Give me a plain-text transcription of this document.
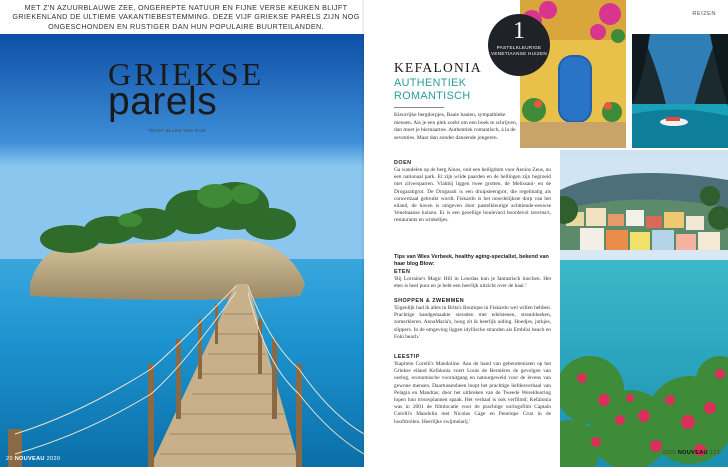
MET Z'N AZUURBLAUWE ZEE, ONGEREPTE NATUUR EN FIJNE VERSE KEUKEN BLIJFT GRIEKENLAND DE ULTIEME VAKANTIEBESTEMMING. DEZE VIJF GRIEKSE PARELS ZIJN NOG ONGESCHONDEN EN RUSTIGER DAN HUN POPULAIRE BUURTEILANDEN.

GRIEKSE
parels
TEKST ELLEN VAN DIJK
20 NOUVEAU 2020
REIZEN
1
PASTELKLEURIGE VENETIAANSE HUIZEN
KEFALONIA
AUTHENTIEK ROMANTISCH

Kleurrijke bergdorpjes, Baaie haaien, sympathieke mensen. Als je een plek zoekt om een boek te schrijven, dan moet je hiernaartoe. Authentiek romantisch, à la de seventies. Maar dan zonder dansende jongeren.

DOEN

Ga wandelen op de berg Ainos, ooit een heiligdom voor Aenios Zeus, nu een nationaal park. Er zijn wilde paarden en de hellingen zijn begroeid met zilversparren. Vlakbij liggen twee grotten, de Melissani- en de Drogaratigrot. De Drogarati is een druipsteengrot, die regelmatig als concertzaal gebruikt wordt. Fiskardo is het noordelijkste dorp van het eiland, de haven is omgeven door pastelkleurige achttiende-eeuwse Venetiaanse huizen. Er is een gezellige boulevard boordevol taverna's, restaurants en winkeltjes.

Tips van Wies Verbeek, healthy aging-specialist, bekend van haar blog Blow:

ETEN

'Bij Lorraine's Magic Hill in Lourdas kun je fantastisch lunchen. Het eten is heel puur en je hebt een heerlijk uitzicht over de baai.'

SHOPPEN & ZWEMMEN

'Eigenlijk had ik alles in Brita's Boutique in Fiskardo wel willen hebben. Prachtige handgemaakte sieraden met edelstenen, stranddoeken, zomerkleren. AnnaMaria's, hoog zit ik heerlijk aiding. Hoedjes, jurkjes, slippers. In de omgeving liggen idyllische stranden als Emblisi beach en Foki beach.'

LEESTIP

'Kapitein Corelli's Mandoline. Aan de hand van gebeurtenissen op het Griekse eiland Kefalonia voert Louis de Bernières de gevolgen van oorlog, economische vooruitgang en natuurgeweld voor de levens van gewone mensen. Daartussenheen loopt het prachtige liefdesverhaal van Pelagia en Mandras; door het uitbreken van de Tweede Wereldoorlog lopen hun trouwplannen spaak. Het verhaal is ook verfilmd; Kefalonia was in 2001 de filmlocatie voor de prachtige oorlogsfilm Captain Corelli's Mandolin met Nicolas Cage en Penelope Cruz in de hoofdrollen. Heerlijke zwijmelarij.'

2020 NOUVEAU 121
